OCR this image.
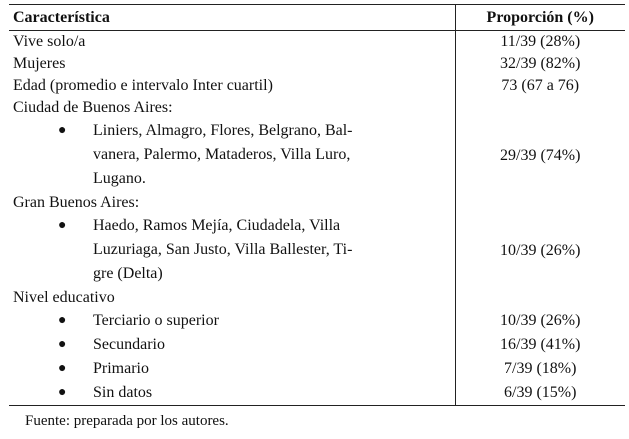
Característica	Proporción (%)
Vive solo/a	11/39 (28%)
Mujeres	32/39 (82%)
Edad (promedio e intervalo Inter cuartil)	73 (67 a 76)
Ciudad de Buenos Aires:	

● Liniers, Almagro, Flores, Belgrano, Bal-
vanera, Palermo, Mataderos, Villa Luro,
Lugano.	29/39 (74%)
Gran Buenos Aires:	

● Haedo, Ramos Mejía, Ciudadela, Villa
Luzuriaga, San Justo, Villa Ballester, Ti-
gre (Delta)	10/39 (26%)
Nivel educativo	

● Terciario o superior	10/39 (26%)

● Secundario	16/39 (41%)

● Primario	7/39 (18%)

● Sin datos	6/39 (15%)
Fuente: preparada por los autores.
